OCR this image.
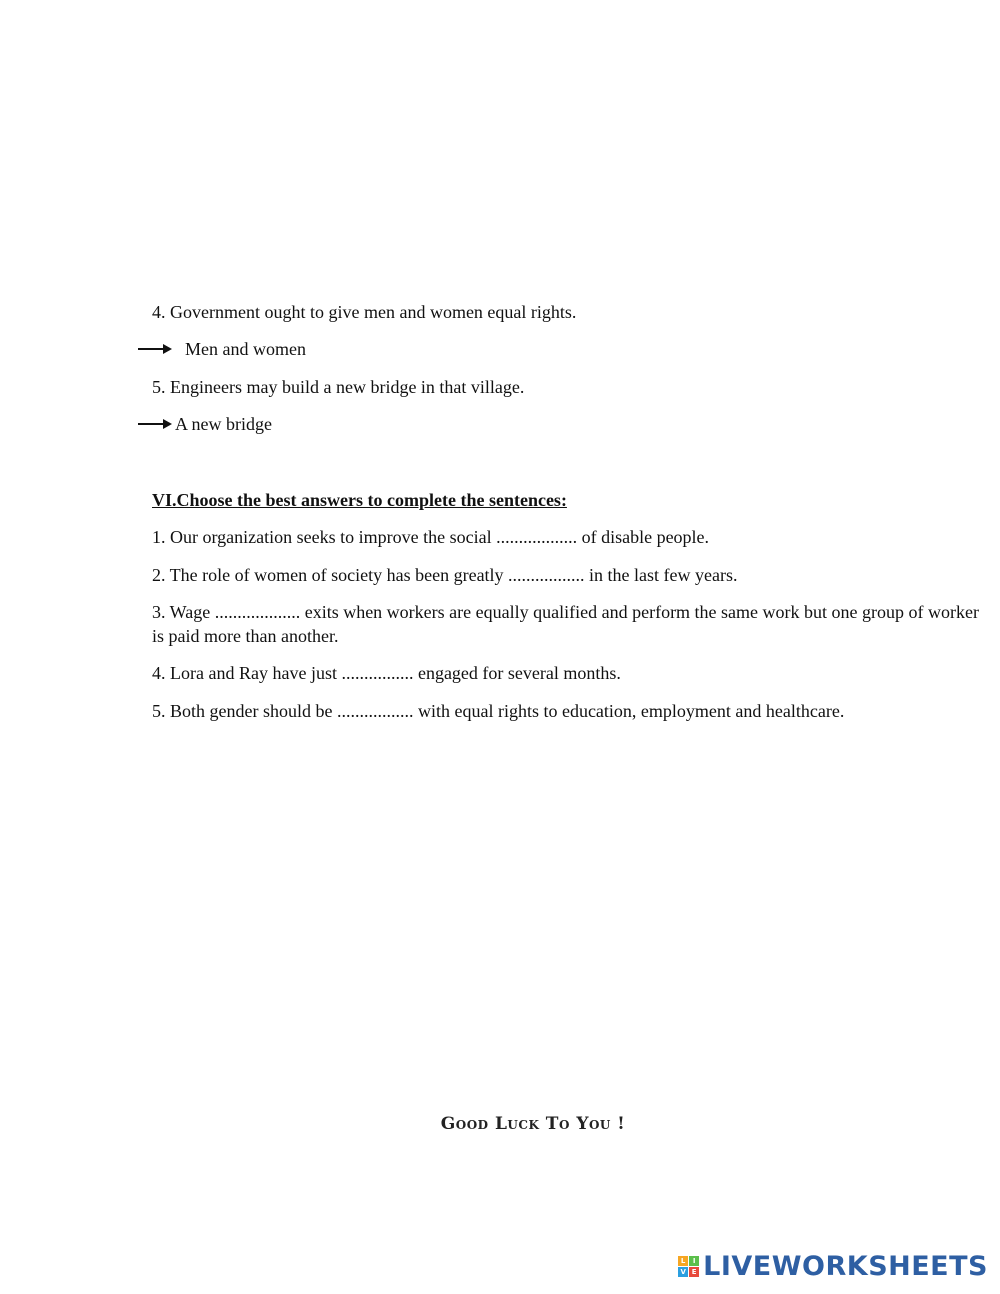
4. Government ought to give men and women equal rights.
Men and women
5. Engineers may build a new bridge in that village.
A new bridge
VI.Choose the best answers to complete the sentences:
1. Our organization seeks to improve the social .................. of disable people.
2. The role of women of society has been greatly ................. in the last few years.
3. Wage ................... exits when workers are equally qualified and perform the same work but one group of worker is paid more than another.
4. Lora and Ray have just ................ engaged for several months.
5. Both gender should be ................. with equal rights to education, employment and healthcare.
Good Luck To You !
L	I
V E LIVEWORKSHEETS
